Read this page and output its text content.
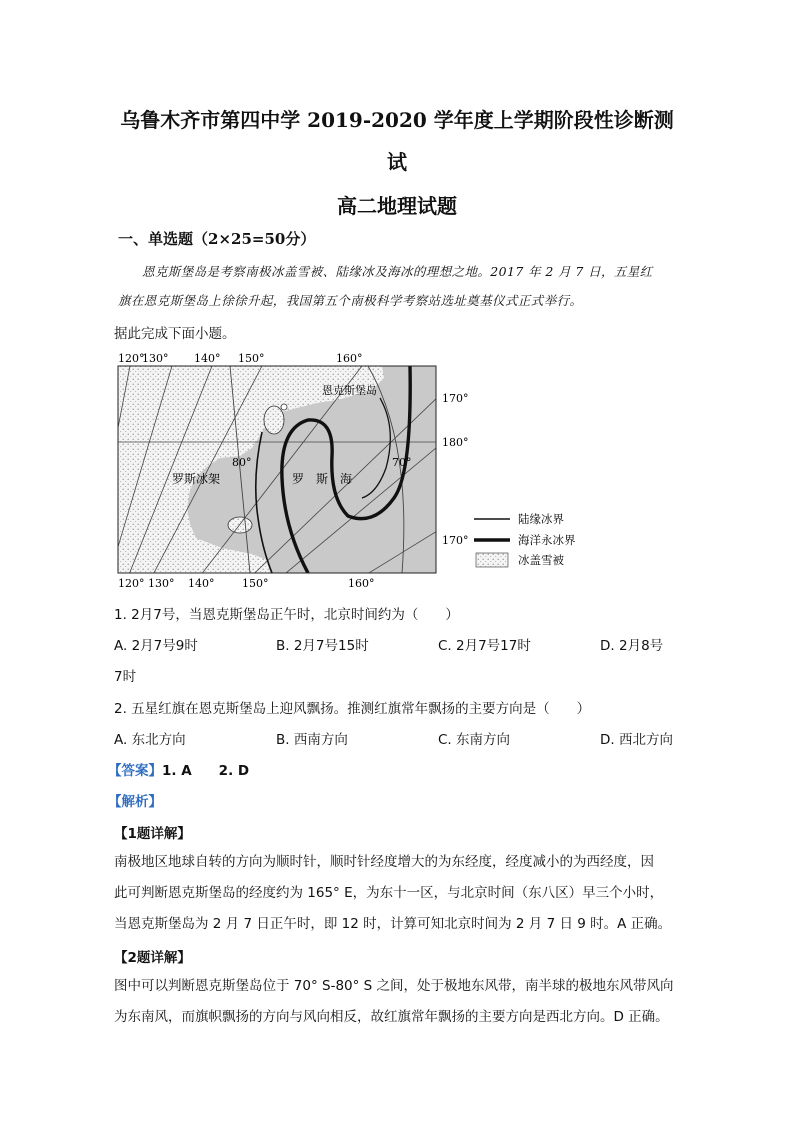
乌鲁木齐市第四中学 2019-2020 学年度上学期阶段性诊断测
试
高二地理试题
一、单选题（2×25=50分）
恩克斯堡岛是考察南极冰盖雪被、陆缘冰及海冰的理想之地。2017 年 2 月 7 日，五星红
旗在恩克斯堡岛上徐徐升起，我国第五个南极科学考察站选址奠基仪式正式举行。
据此完成下面小题。
120°
130° 140° 150°	160°
120° 130° 140°	150°	160°
170°
180°
170°
80°	70°
恩克斯堡岛
罗斯冰架	罗　斯　海
陆缘冰界
海洋永冰界
冰盖雪被
1. 2月7号，当恩克斯堡岛正午时，北京时间约为（　　）
A. 2月7号9时	B. 2月7号15时	C. 2月7号17时	D. 2月8号
7时
2. 五星红旗在恩克斯堡岛上迎风飘扬。推测红旗常年飘扬的主要方向是（　　）
A. 东北方向	B. 西南方向	C. 东南方向	D. 西北方向
【答案】1. A　　2. D
【解析】
【1题详解】
南极地区地球自转的方向为顺时针，顺时针经度增大的为东经度，经度减小的为西经度，因
此可判断恩克斯堡岛的经度约为 165° E，为东十一区，与北京时间（东八区）早三个小时，
当恩克斯堡岛为 2 月 7 日正午时，即 12 时，计算可知北京时间为 2 月 7 日 9 时。A 正确。
【2题详解】
图中可以判断恩克斯堡岛位于 70° S-80° S 之间，处于极地东风带，南半球的极地东风带风向
为东南风，而旗帜飘扬的方向与风向相反，故红旗常年飘扬的主要方向是西北方向。D 正确。
